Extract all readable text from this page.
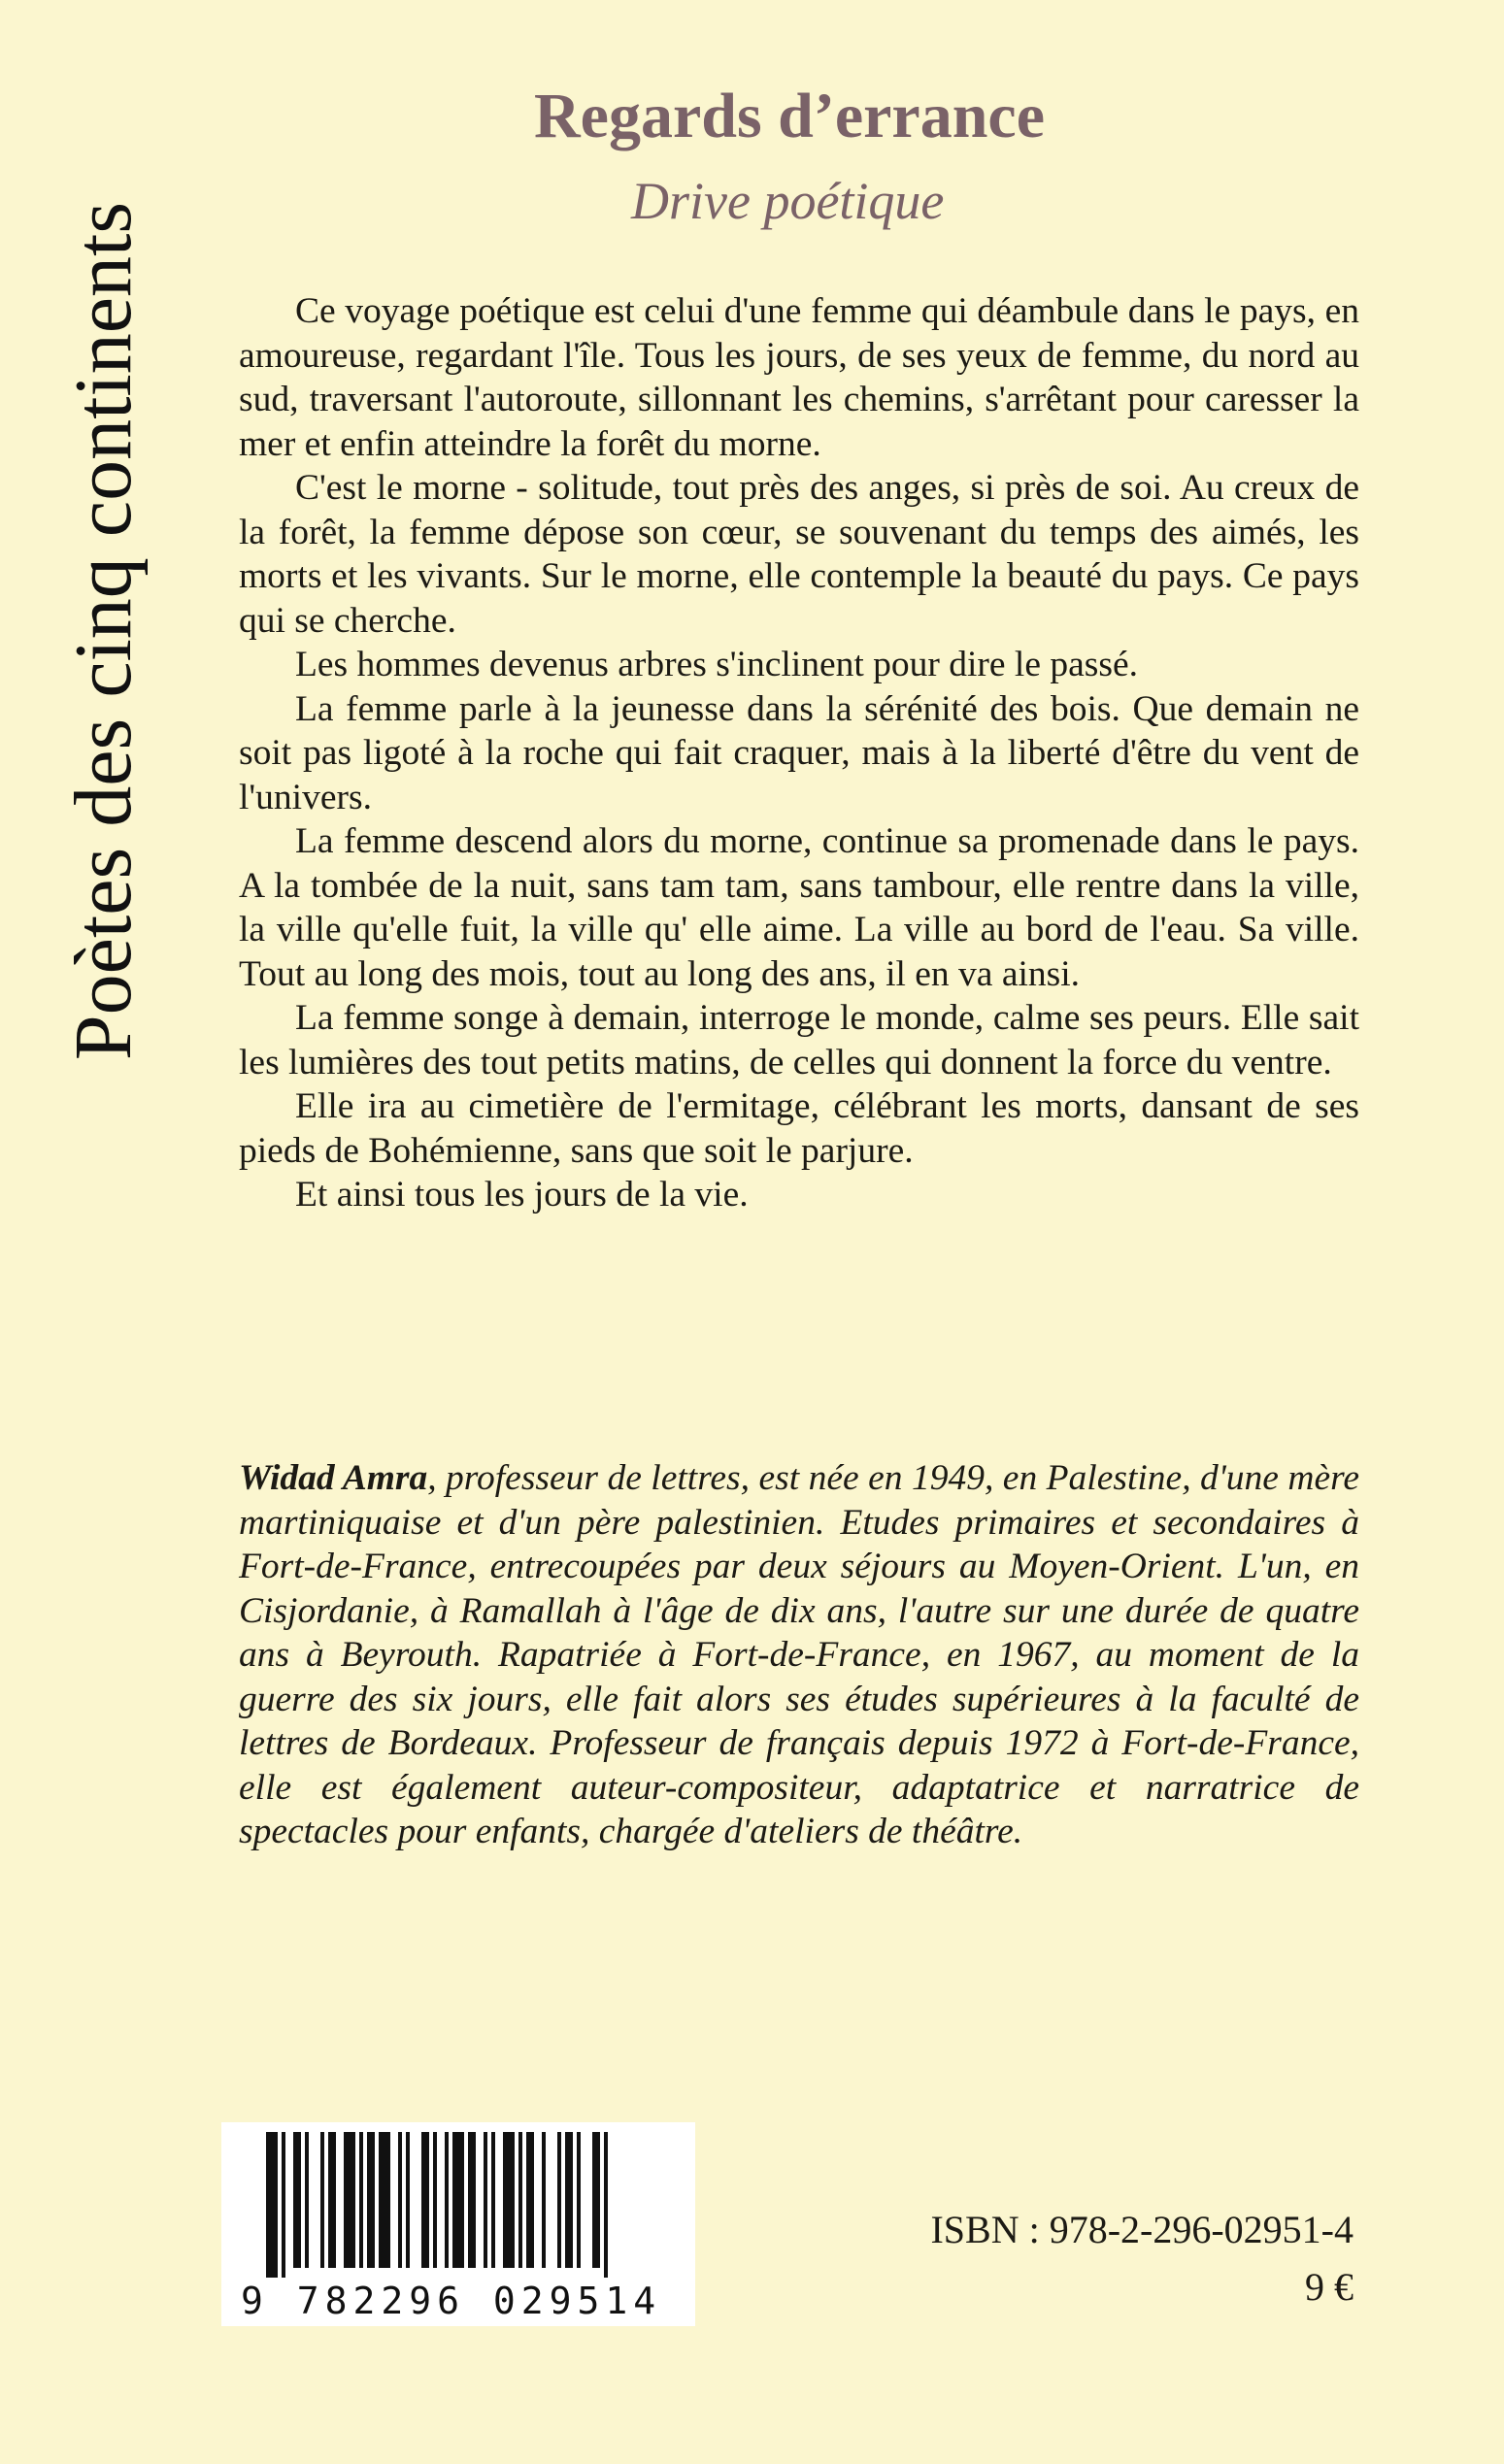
Poètes des cinq continents
Regards d’errance
Drive poétique

Ce voyage poétique est celui d'une femme qui déambule dans le pays, en amoureuse, regardant l'île. Tous les jours, de ses yeux de femme, du nord au sud, traversant l'autoroute, sillonnant les chemins, s'arrêtant pour caresser la mer et enfin atteindre la forêt du morne.

C'est le morne - solitude, tout près des anges, si près de soi. Au creux de la forêt, la femme dépose son cœur, se souvenant du temps des aimés, les morts et les vivants. Sur le morne, elle contemple la beauté du pays. Ce pays qui se cherche.

Les hommes devenus arbres s'inclinent pour dire le passé.

La femme parle à la jeunesse dans la sérénité des bois. Que demain ne soit pas ligoté à la roche qui fait craquer, mais à la liberté d'être du vent de l'univers.

La femme descend alors du morne, continue sa promenade dans le pays. A la tombée de la nuit, sans tam tam, sans tambour, elle rentre dans la ville, la ville qu'elle fuit, la ville qu' elle aime. La ville au bord de l'eau. Sa ville. Tout au long des mois, tout au long des ans, il en va ainsi.

La femme songe à demain, interroge le monde, calme ses peurs. Elle sait les lumières des tout petits matins, de celles qui donnent la force du ventre.

Elle ira au cimetière de l'ermitage, célébrant les morts, dansant de ses pieds de Bohémienne, sans que soit le parjure.

Et ainsi tous les jours de la vie.

Widad Amra, professeur de lettres, est née en 1949, en Palestine, d'une mère martiniquaise et d'un père palestinien. Etudes primaires et secondaires à Fort-de-France, entrecoupées par deux séjours au Moyen-Orient. L'un, en Cisjordanie, à Ramallah à l'âge de dix ans, l'autre sur une durée de quatre ans à Beyrouth. Rapatriée à Fort-de-France, en 1967, au moment de la guerre des six jours, elle fait alors ses études supérieures à la faculté de lettres de Bordeaux. Professeur de français depuis 1972 à Fort-de-France, elle est également auteur-compositeur, adaptatrice et narratrice de spectacles pour enfants, chargée d'ateliers de théâtre.

9 782296 029514
ISBN : 978-2-296-02951-4
9 €
